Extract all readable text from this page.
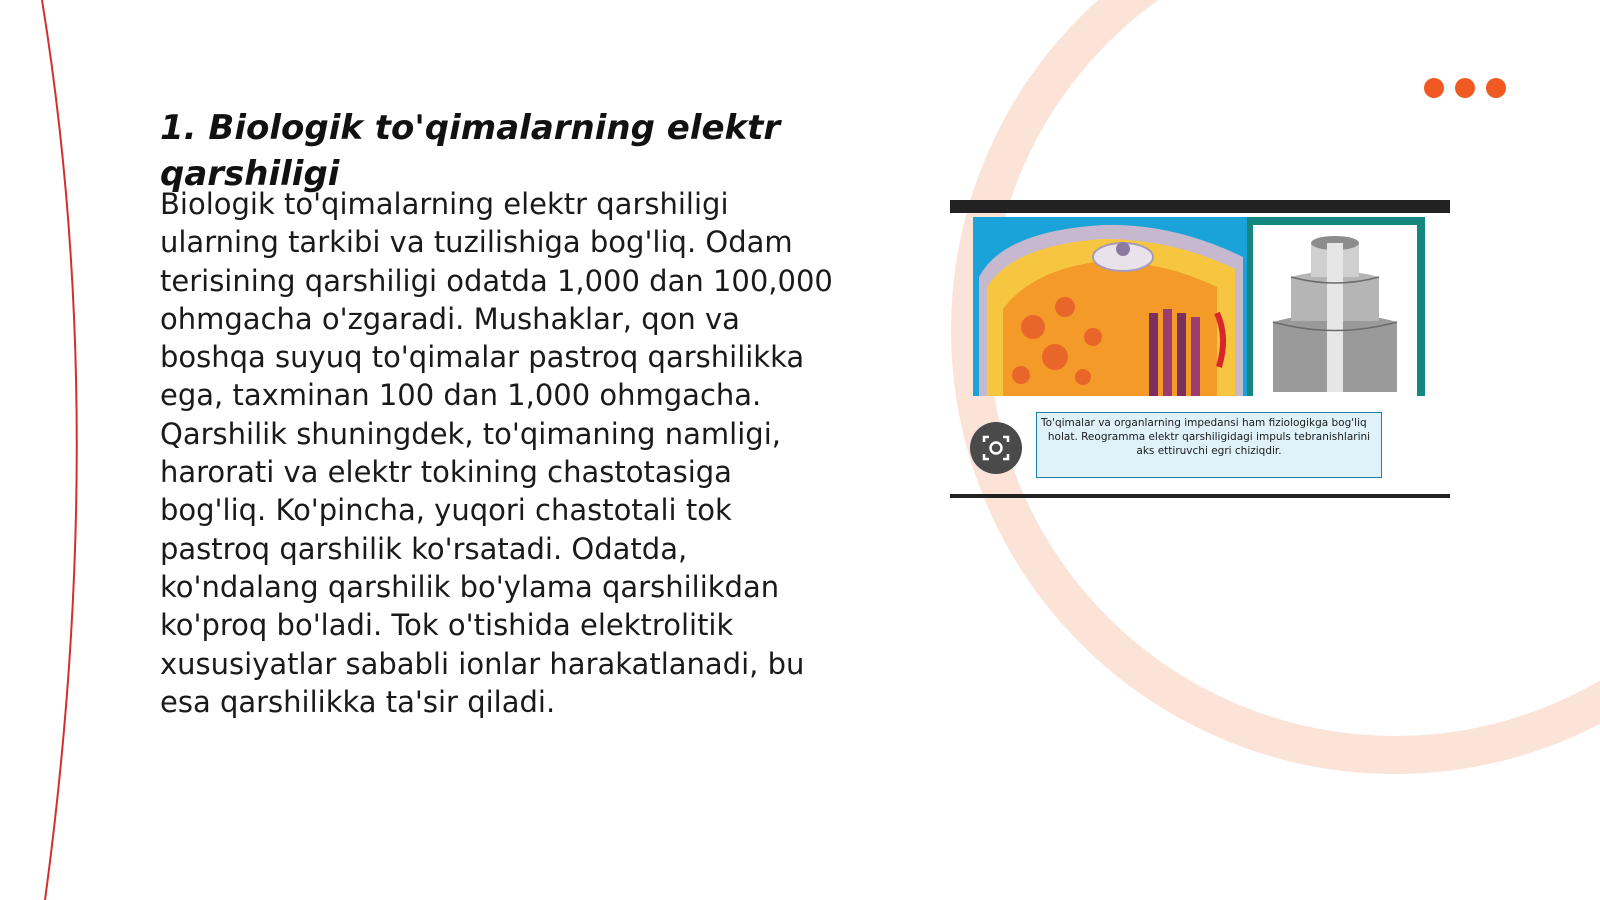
1. Biologik to'qimalarning elektr qarshiligi

Biologik to'qimalarning elektr qarshiligi ularning tarkibi va tuzilishiga bog'liq. Odam terisining qarshiligi odatda 1,000 dan 100,000 ohmgacha o'zgaradi. Mushaklar, qon va boshqa suyuq to'qimalar pastroq qarshilikka ega, taxminan 100 dan 1,000 ohmgacha. Qarshilik shuningdek, to'qimaning namligi, harorati va elektr tokining chastotasiga bog'liq. Ko'pincha, yuqori chastotali tok pastroq qarshilik ko'rsatadi. Odatda, ko'ndalang qarshilik bo'ylama qarshilikdan ko'proq bo'ladi. Tok o'tishida elektrolitik xususiyatlar sababli ionlar harakatlanadi, bu esa qarshilikka ta'sir qiladi.

To'qimalar va organlarning impedansi ham fiziologikga bog'liq
holat. Reogramma elektr qarshiligidagi impuls tebranishlarini aks ettiruvchi egri chiziqdir.
